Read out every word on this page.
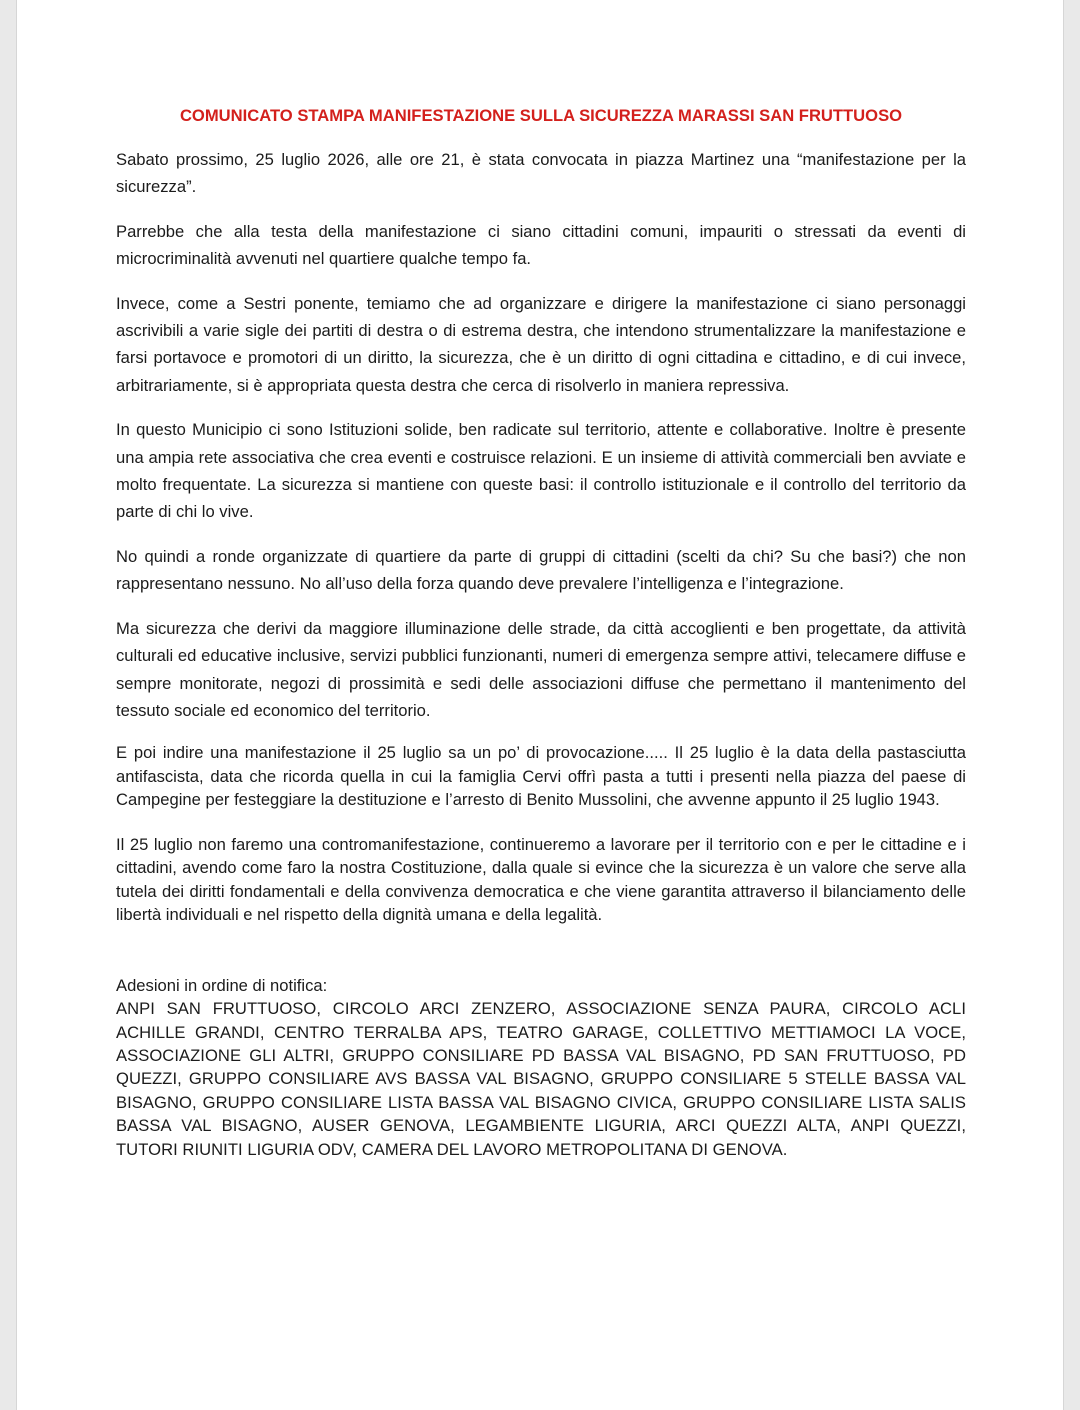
COMUNICATO STAMPA MANIFESTAZIONE SULLA SICUREZZA MARASSI SAN FRUTTUOSO

Sabato prossimo, 25 luglio 2026, alle ore 21, è stata convocata in piazza Martinez una “manifestazione per la sicurezza”.

Parrebbe che alla testa della manifestazione ci siano cittadini comuni, impauriti o stressati da eventi di microcriminalità avvenuti nel quartiere qualche tempo fa.

Invece, come a Sestri ponente, temiamo che ad organizzare e dirigere la manifestazione ci siano personaggi ascrivibili a varie sigle dei partiti di destra o di estrema destra, che intendono strumentalizzare la manifestazione e farsi portavoce e promotori di un diritto, la sicurezza, che è un diritto di ogni cittadina e cittadino, e di cui invece, arbitrariamente, si è appropriata questa destra che cerca di risolverlo in maniera repressiva.

In questo Municipio ci sono Istituzioni solide, ben radicate sul territorio, attente e collaborative. Inoltre è presente una ampia rete associativa che crea eventi e costruisce relazioni. E un insieme di attività commerciali ben avviate e molto frequentate. La sicurezza si mantiene con queste basi: il controllo istituzionale e il controllo del territorio da parte di chi lo vive.

No quindi a ronde organizzate di quartiere da parte di gruppi di cittadini (scelti da chi? Su che basi?) che non rappresentano nessuno. No all’uso della forza quando deve prevalere l’intelligenza e l’integrazione.

Ma sicurezza che derivi da maggiore illuminazione delle strade, da città accoglienti e ben progettate, da attività culturali ed educative inclusive, servizi pubblici funzionanti, numeri di emergenza sempre attivi, telecamere diffuse e sempre monitorate, negozi di prossimità e sedi delle associazioni diffuse che permettano il mantenimento del tessuto sociale ed economico del territorio.

E poi indire una manifestazione il 25 luglio sa un po’ di provocazione..... Il 25 luglio è la data della pastasciutta antifascista, data che ricorda quella in cui la famiglia Cervi offrì pasta a tutti i presenti nella piazza del paese di Campegine per festeggiare la destituzione e l’arresto di Benito Mussolini, che avvenne appunto il 25 luglio 1943.

Il 25 luglio non faremo una contromanifestazione, continueremo a lavorare per il territorio con e per le cittadine e i cittadini, avendo come faro la nostra Costituzione, dalla quale si evince che la sicurezza è un valore che serve alla tutela dei diritti fondamentali e della convivenza democratica e che viene garantita attraverso il bilanciamento delle libertà individuali e nel rispetto della dignità umana e della legalità.

Adesioni in ordine di notifica:
ANPI SAN FRUTTUOSO, CIRCOLO ARCI ZENZERO, ASSOCIAZIONE SENZA PAURA, CIRCOLO ACLI ACHILLE GRANDI, CENTRO TERRALBA APS, TEATRO GARAGE, COLLETTIVO METTIAMOCI LA VOCE, ASSOCIAZIONE GLI ALTRI, GRUPPO CONSILIARE PD BASSA VAL BISAGNO, PD SAN FRUTTUOSO, PD QUEZZI, GRUPPO CONSILIARE AVS BASSA VAL BISAGNO, GRUPPO CONSILIARE 5 STELLE BASSA VAL BISAGNO, GRUPPO CONSILIARE LISTA BASSA VAL BISAGNO CIVICA, GRUPPO CONSILIARE LISTA SALIS BASSA VAL BISAGNO, AUSER GENOVA, LEGAMBIENTE LIGURIA, ARCI QUEZZI ALTA, ANPI QUEZZI, TUTORI RIUNITI LIGURIA ODV, CAMERA DEL LAVORO METROPOLITANA DI GENOVA.
